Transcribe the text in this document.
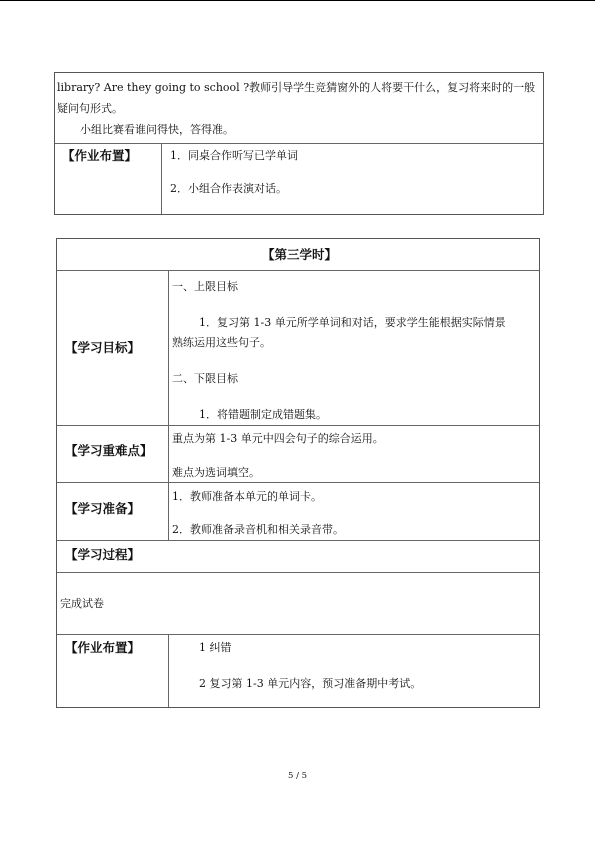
library? Are they going to school ?教师引导学生竞猜窗外的人将要干什么，复习将来时的一般
疑问句形式。
小组比赛看谁问得快，答得准。
【作业布置】	1．同桌合作听写已学单词
2．小组合作表演对话。
【第三学时】
【学习目标】
一、上限目标
1．复习第 1-3 单元所学单词和对话，要求学生能根据实际情景
熟练运用这些句子。
二、下限目标
1．将错题制定成错题集。
【学习重难点】
重点为第 1-3 单元中四会句子的综合运用。
难点为选词填空。
【学习准备】
1．教师准备本单元的单词卡。
2．教师准备录音机和相关录音带。
【学习过程】
完成试卷
【作业布置】	1 纠错
2 复习第 1-3 单元内容，预习准备期中考试。
5 / 5
